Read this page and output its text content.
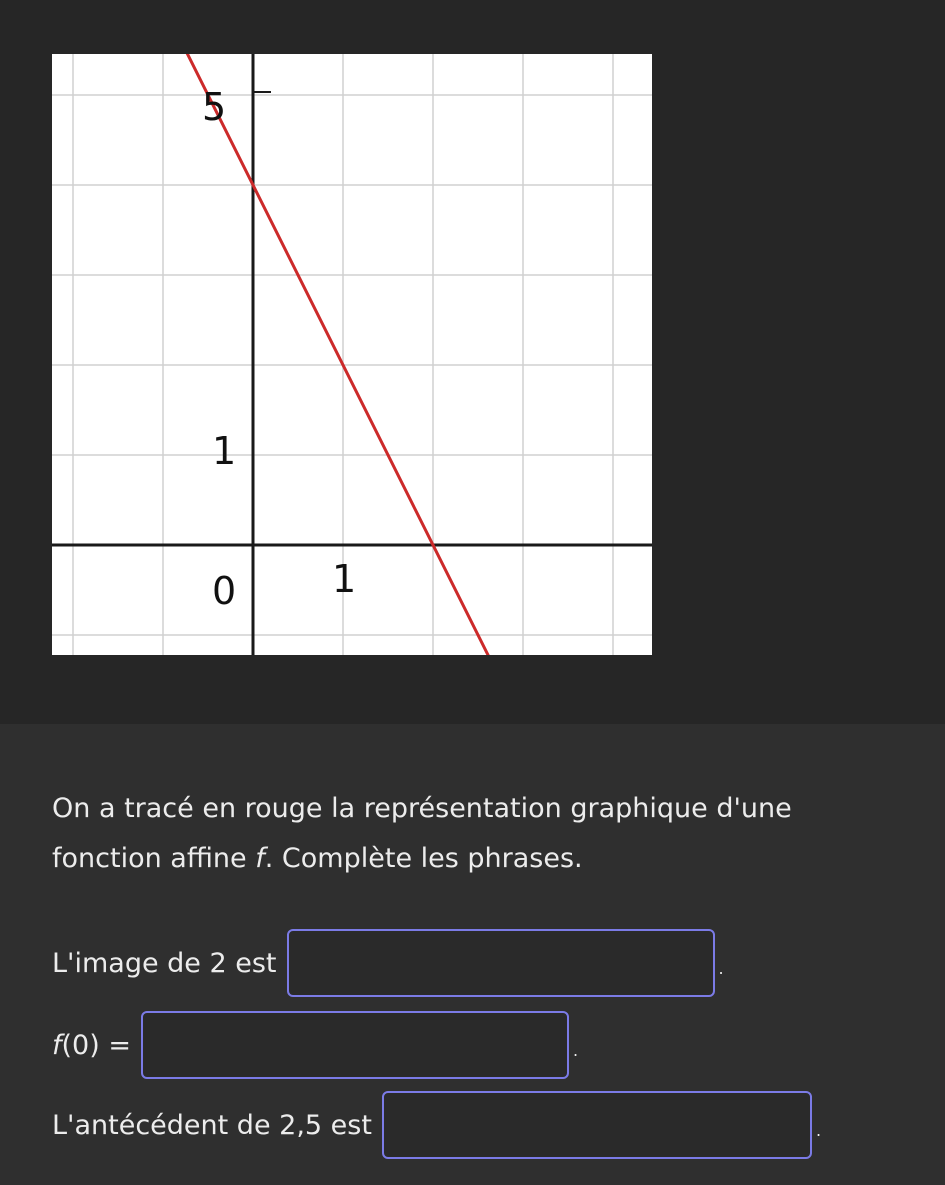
5
1
0	1
On a tracé en rouge la représentation graphique d'une
fonction affine f. Complète les phrases.
L'image de 2 est	.
f(0) =	.
L'antécédent de 2,5 est	.
